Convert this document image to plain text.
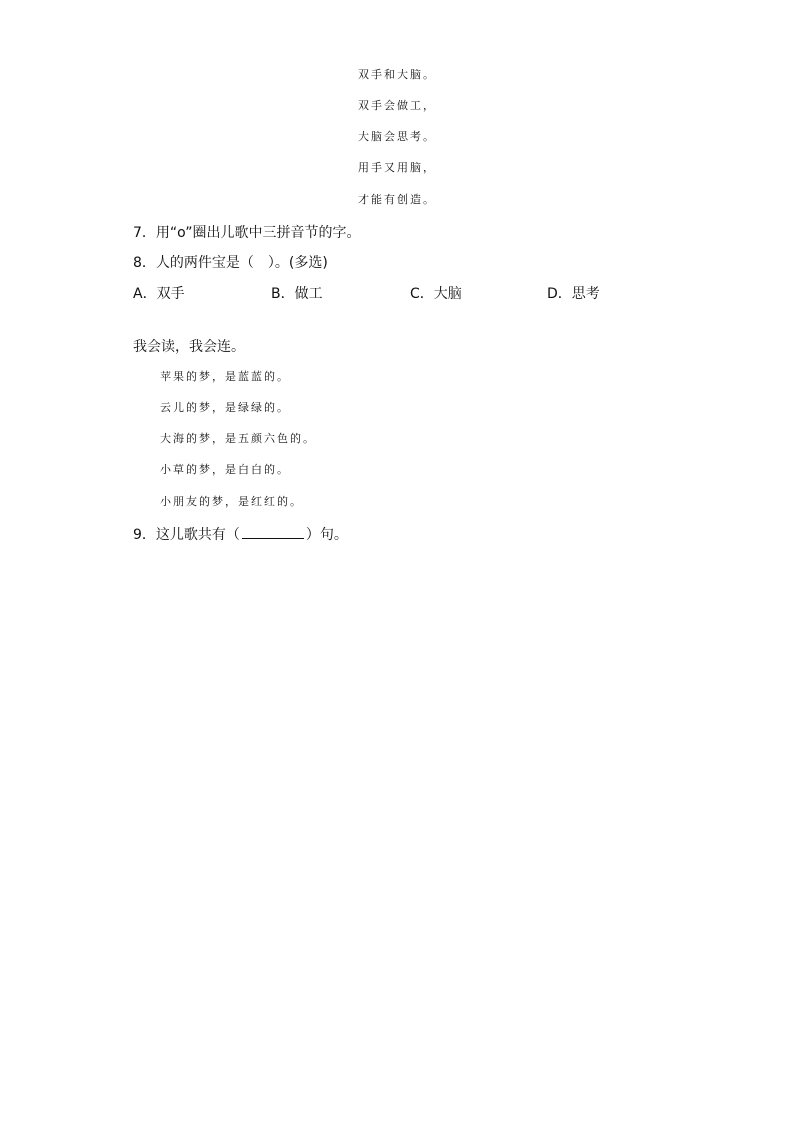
双手和大脑。
双手会做工，
大脑会思考。
用手又用脑，
才能有创造。
7．用“o”圈出儿歌中三拼音节的字。
8．人的两件宝是（ ）。(多选)
A．双手	B．做工	C．大脑	D．思考
我会读，我会连。
苹果的梦，是蓝蓝的。
云儿的梦，是绿绿的。
大海的梦，是五颜六色的。
小草的梦，是白白的。
小朋友的梦，是红红的。
9．这儿歌共有（	）句。
